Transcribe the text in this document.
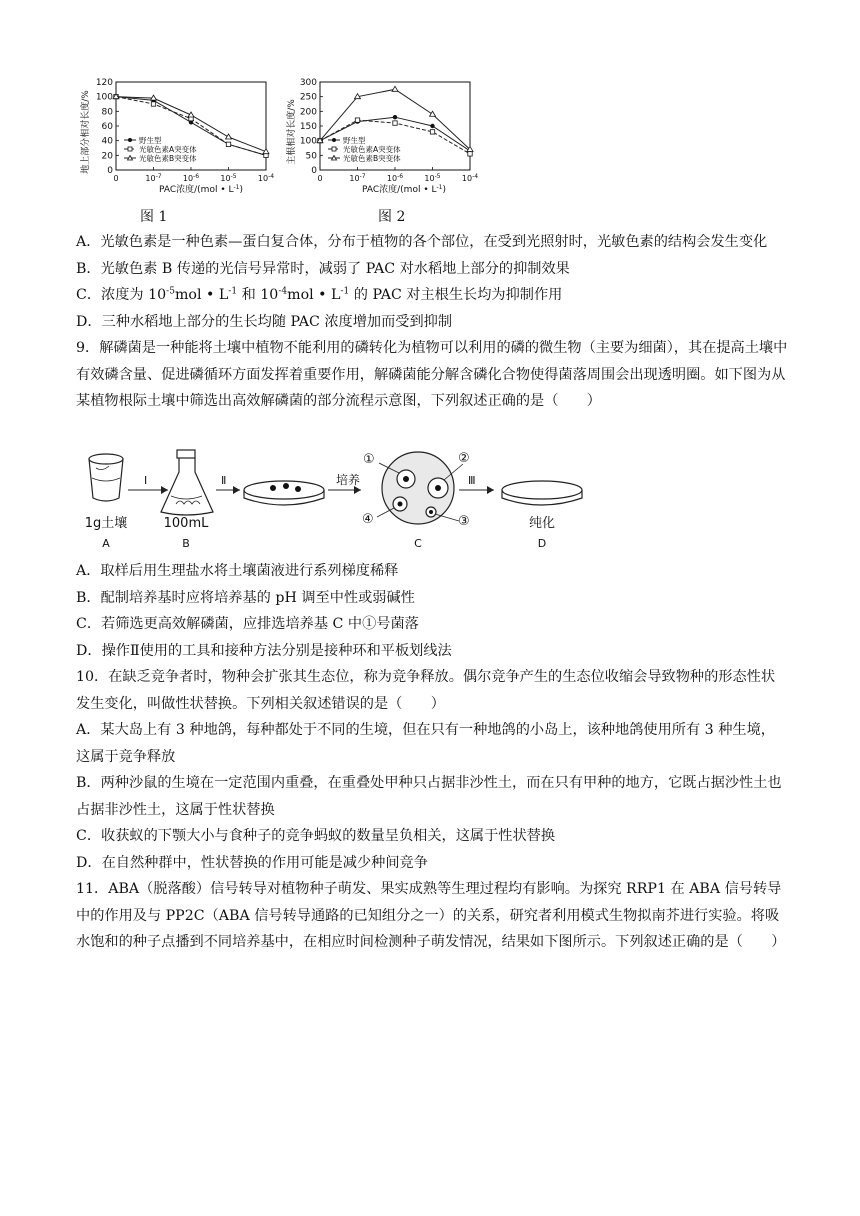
0
20
40
60
80
100
120
0	$10^{-7}$	$10^{-6}$	$10^{-5}$	$10^{-4}$
野生型
光敏色素A突变体
光敏色素B突变体
地上部分相对长度/%
PAC浓度/(mol • $L^{-1}$)
图 1
0
50
100
150
200
250
300
0	$10^{-7}$	$10^{-6}$	$10^{-5}$	$10^{-4}$
野生型
光敏色素A突变体
光敏色素B突变体
主根相对长度/%
PAC浓度/(mol • $L^{-1}$)
图 2

A．光敏色素是一种色素—蛋白复合体，分布于植物的各个部位，在受到光照射时，光敏色素的结构会发生变化

B．光敏色素 B 传递的光信号异常时，减弱了 PAC 对水稻地上部分的抑制效果

C．浓度为 $10^{-5}mol$ • $L^{-1}$ 和 $10^{-4}mol$ • $L^{-1}$ 的 PAC 对主根生长均为抑制作用

D．三种水稻地上部分的生长均随 PAC 浓度增加而受到抑制

9．解磷菌是一种能将土壤中植物不能利用的磷转化为植物可以利用的磷的微生物（主要为细菌），其在提高土壤中有效磷含量、促进磷循环方面发挥着重要作用，解磷菌能分解含磷化合物使得菌落周围会出现透明圈。如下图为从某植物根际土壤中筛选出高效解磷菌的部分流程示意图，下列叙述正确的是（　　）

1g土壤
A
Ⅰ
100mL
B
Ⅱ	培养
①	②
④	③
C
Ⅲ
纯化
D

A．取样后用生理盐水将土壤菌液进行系列梯度稀释

B．配制培养基时应将培养基的 pH 调至中性或弱碱性

C．若筛选更高效解磷菌，应排选培养基 C 中①号菌落

D．操作Ⅱ使用的工具和接种方法分别是接种环和平板划线法

10．在缺乏竞争者时，物种会扩张其生态位，称为竞争释放。偶尔竞争产生的生态位收缩会导致物种的形态性状发生变化，叫做性状替换。下列相关叙述错误的是（　　）

A．某大岛上有 3 种地鸽，每种都处于不同的生境，但在只有一种地鸽的小岛上，该种地鸽使用所有 3 种生境，这属于竞争释放

B．两种沙鼠的生境在一定范围内重叠，在重叠处甲种只占据非沙性土，而在只有甲种的地方，它既占据沙性土也占据非沙性土，这属于性状替换

C．收获蚁的下颚大小与食种子的竞争蚂蚁的数量呈负相关，这属于性状替换

D．在自然种群中，性状替换的作用可能是减少种间竞争

11．ABA（脱落酸）信号转导对植物种子萌发、果实成熟等生理过程均有影响。为探究 RRP1 在 ABA 信号转导中的作用及与 PP2C（ABA 信号转导通路的已知组分之一）的关系，研究者利用模式生物拟南芥进行实验。将吸水饱和的种子点播到不同培养基中，在相应时间检测种子萌发情况，结果如下图所示。下列叙述正确的是（　　）
